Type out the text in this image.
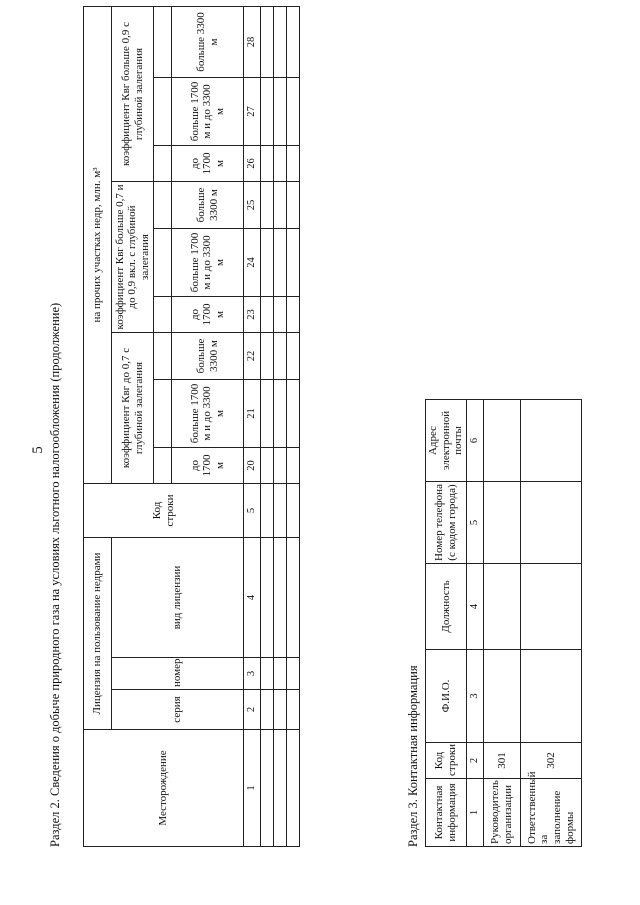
5 Раздел 2. Сведения о добыче природного газа на условиях льготного налогообложения (продолжение)	Месторождение	Лицензия на пользование недрами			Код строки	на прочих участках недр, млн. м³								
	серия	номер	вид лицензии		коэффициент Квг до 0,7 с глубиной залегания			коэффициент Квг больше 0,7 и до 0,9 вкл. с глубиной залегания			коэффициент Квг больше 0,9 с глубиной залегания		

					до 1700 м	больше 1700 м и до 3300 м	больше 3300 м	до 1700 м	больше 1700 м и до 3300 м	больше 3300 м	до 1700 м	больше 1700 м и до 3300 м	больше 3300 м
1	2	3	4	5	20	21	22	23	24	25	26	27	28

Раздел 3. Контактная информация Контактная информация	Код строки	Ф.И.О.	Должность	Номер телефона (с кодом города)	Адрес электронной почты
1	2	3	4	5	6
Руководитель организации	301				
Ответственный за заполнение формы	302				
